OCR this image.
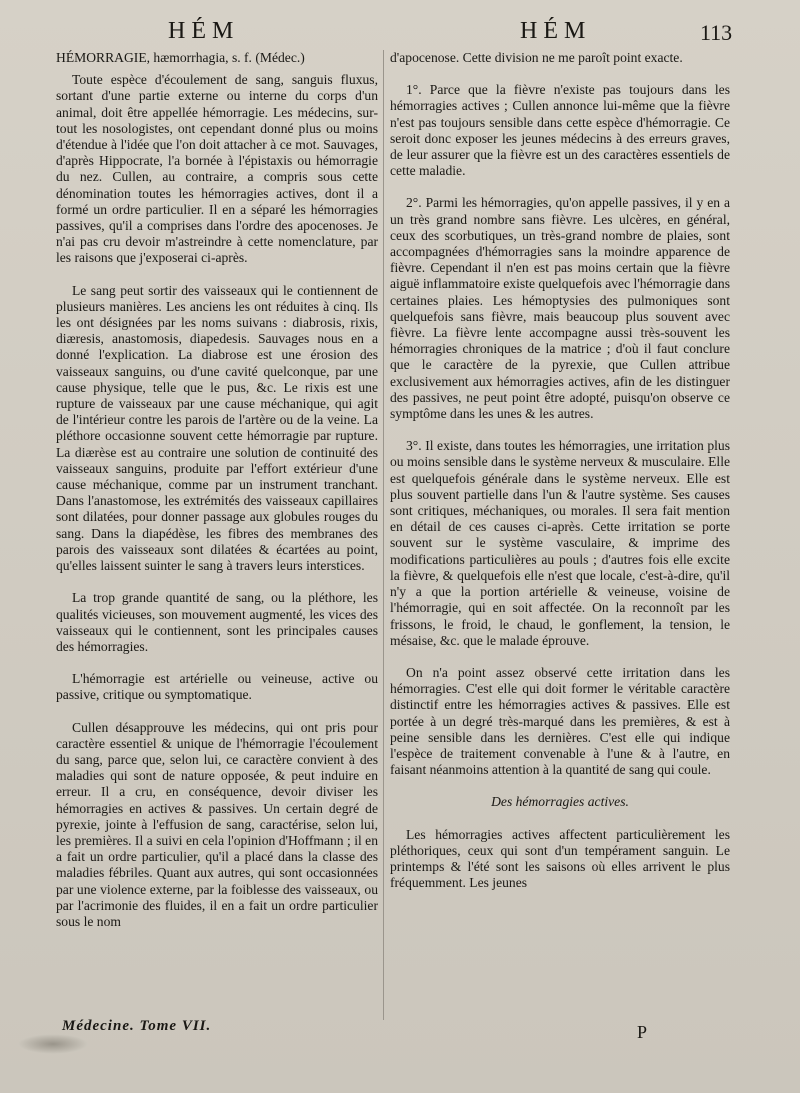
HÉM	HÉM	113

HÉMORRAGIE, hæmorrhagia, s. f. (Médec.)

Toute espèce d'écoulement de sang, sanguis fluxus, sortant d'une partie externe ou interne du corps d'un animal, doit être appellée hémorragie. Les médecins, sur-tout les nosologistes, ont cependant donné plus ou moins d'étendue à l'idée que l'on doit attacher à ce mot. Sauvages, d'après Hippocrate, l'a bornée à l'épistaxis ou hémorragie du nez. Cullen, au contraire, a compris sous cette dénomination toutes les hémorragies actives, dont il a formé un ordre particulier. Il en a séparé les hémorragies passives, qu'il a comprises dans l'ordre des apocenoses. Je n'ai pas cru devoir m'astreindre à cette nomenclature, par les raisons que j'exposerai ci-après.

Le sang peut sortir des vaisseaux qui le contiennent de plusieurs manières. Les anciens les ont réduites à cinq. Ils les ont désignées par les noms suivans : diabrosis, rixis, diæresis, anastomosis, diapedesis. Sauvages nous en a donné l'explication. La diabrose est une érosion des vaisseaux sanguins, ou d'une cavité quelconque, par une cause physique, telle que le pus, &c. Le rixis est une rupture de vaisseaux par une cause méchanique, qui agit de l'intérieur contre les parois de l'artère ou de la veine. La pléthore occasionne souvent cette hémorragie par rupture. La diærèse est au contraire une solution de continuité des vaisseaux sanguins, produite par l'effort extérieur d'une cause méchanique, comme par un instrument tranchant. Dans l'anastomose, les extrémités des vaisseaux capillaires sont dilatées, pour donner passage aux globules rouges du sang. Dans la diapédèse, les fibres des membranes des parois des vaisseaux sont dilatées & écartées au point, qu'elles laissent suinter le sang à travers leurs interstices.

La trop grande quantité de sang, ou la pléthore, les qualités vicieuses, son mouvement augmenté, les vices des vaisseaux qui le contiennent, sont les principales causes des hémorragies.

L'hémorragie est artérielle ou veineuse, active ou passive, critique ou symptomatique.

Cullen désapprouve les médecins, qui ont pris pour caractère essentiel & unique de l'hémorragie l'écoulement du sang, parce que, selon lui, ce caractère convient à des maladies qui sont de nature opposée, & peut induire en erreur. Il a cru, en conséquence, devoir diviser les hémorragies en actives & passives. Un certain degré de pyrexie, jointe à l'effusion de sang, caractérise, selon lui, les premières. Il a suivi en cela l'opinion d'Hoffmann ; il en a fait un ordre particulier, qu'il a placé dans la classe des maladies fébriles. Quant aux autres, qui sont occasionnées par une violence externe, par la foiblesse des vaisseaux, ou par l'acrimonie des fluides, il en a fait un ordre particulier sous le nom

d'apocenose. Cette division ne me paroît point exacte.

1°. Parce que la fièvre n'existe pas toujours dans les hémorragies actives ; Cullen annonce lui-même que la fièvre n'est pas toujours sensible dans cette espèce d'hémorragie. Ce seroit donc exposer les jeunes médecins à des erreurs graves, de leur assurer que la fièvre est un des caractères essentiels de cette maladie.

2°. Parmi les hémorragies, qu'on appelle passives, il y en a un très grand nombre sans fièvre. Les ulcères, en général, ceux des scorbutiques, un très-grand nombre de plaies, sont accompagnées d'hémorragies sans la moindre apparence de fièvre. Cependant il n'en est pas moins certain que la fièvre aiguë inflammatoire existe quelquefois avec l'hémorragie dans certaines plaies. Les hémoptysies des pulmoniques sont quelquefois sans fièvre, mais beaucoup plus souvent avec fièvre. La fièvre lente accompagne aussi très-souvent les hémorragies chroniques de la matrice ; d'où il faut conclure que le caractère de la pyrexie, que Cullen attribue exclusivement aux hémorragies actives, afin de les distinguer des passives, ne peut point être adopté, puisqu'on observe ce symptôme dans les unes & les autres.

3°. Il existe, dans toutes les hémorragies, une irritation plus ou moins sensible dans le système nerveux & musculaire. Elle est quelquefois générale dans le système nerveux. Elle est plus souvent partielle dans l'un & l'autre système. Ses causes sont critiques, méchaniques, ou morales. Il sera fait mention en détail de ces causes ci-après. Cette irritation se porte souvent sur le système vasculaire, & imprime des modifications particulières au pouls ; d'autres fois elle excite la fièvre, & quelquefois elle n'est que locale, c'est-à-dire, qu'il n'y a que la portion artérielle & veineuse, voisine de l'hémorragie, qui en soit affectée. On la reconnoît par les frissons, le froid, le chaud, le gonflement, la tension, le mésaise, &c. que le malade éprouve.

On n'a point assez observé cette irritation dans les hémorragies. C'est elle qui doit former le véritable caractère distinctif entre les hémorragies actives & passives. Elle est portée à un degré très-marqué dans les premières, & est à peine sensible dans les dernières. C'est elle qui indique l'espèce de traitement convenable à l'une & à l'autre, en faisant néanmoins attention à la quantité de sang qui coule.

Des hémorragies actives.

Les hémorragies actives affectent particulièrement les pléthoriques, ceux qui sont d'un tempérament sanguin. Le printemps & l'été sont les saisons où elles arrivent le plus fréquemment. Les jeunes

Médecine. Tome VII.	P
